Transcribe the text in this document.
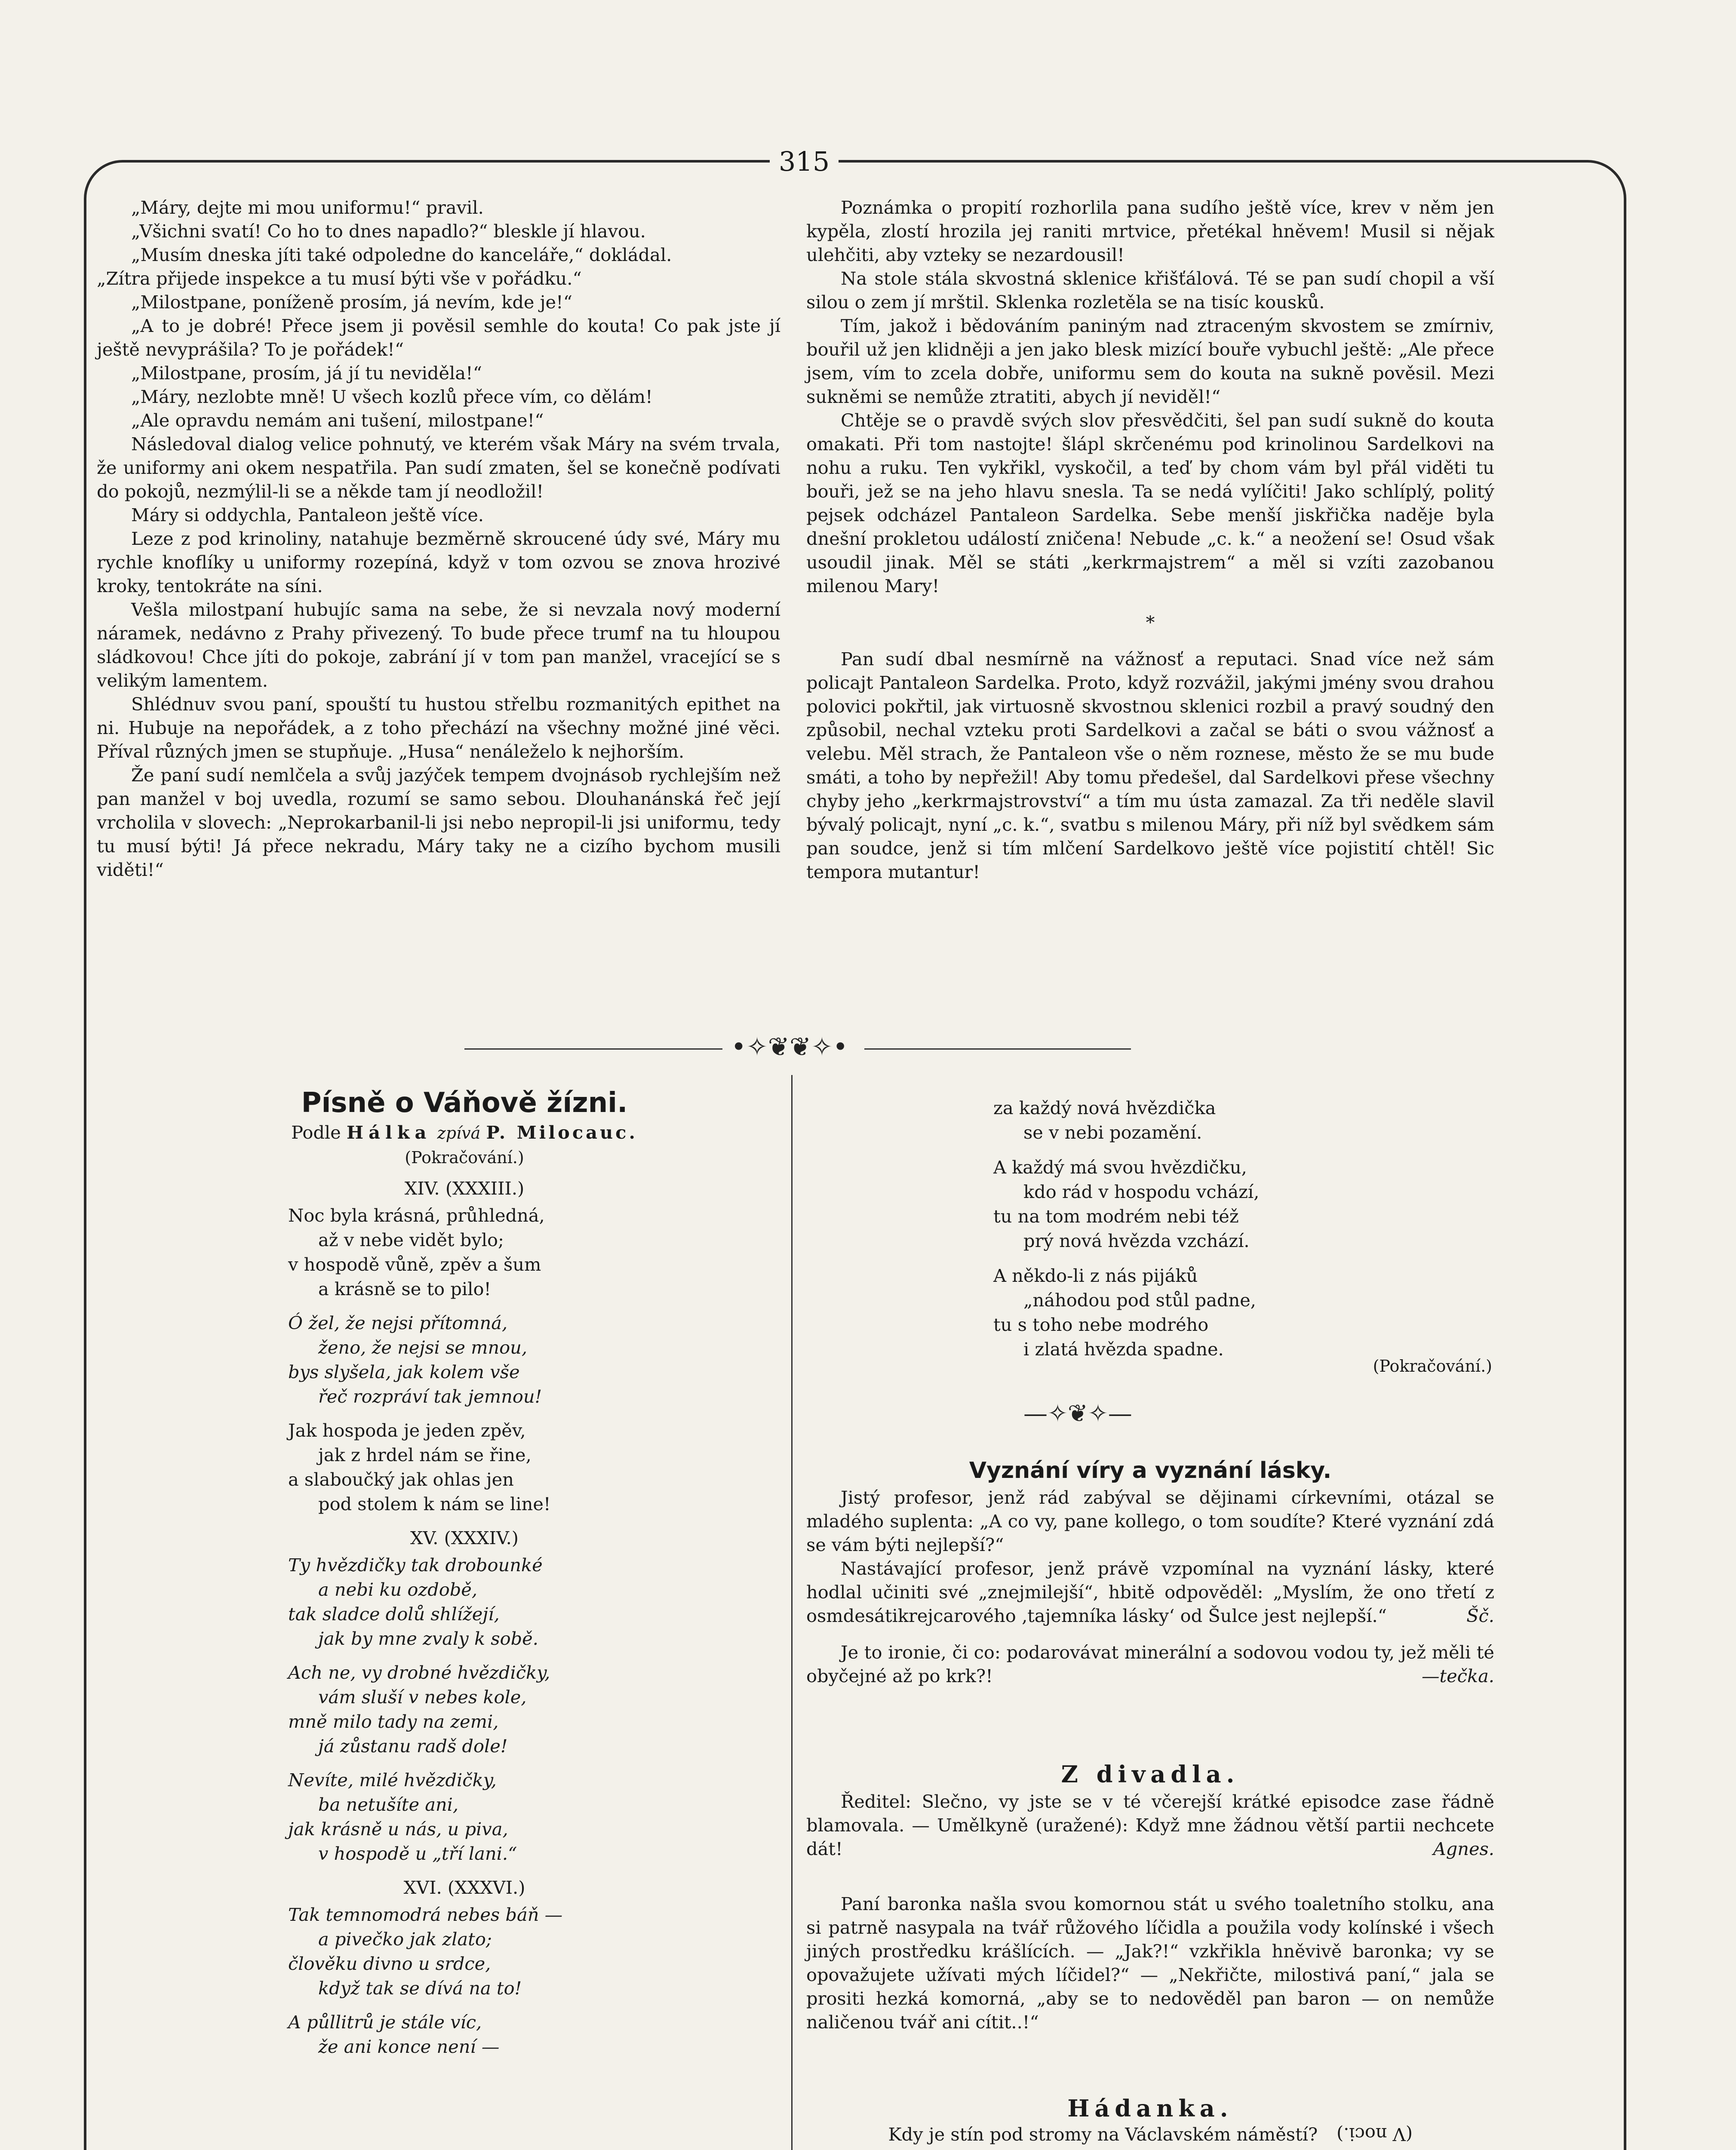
315

„Máry, dejte mi mou uniformu!“ pravil.

„Všichni svatí! Co ho to dnes napadlo?“ bleskle jí hlavou.

„Musím dneska jíti také odpoledne do kanceláře,“ dokládal.

„Zítra přijede inspekce a tu musí býti vše v pořádku.“

„Milostpane, poníženě prosím, já nevím, kde je!“

„A to je dobré! Přece jsem ji pověsil semhle do kouta! Co pak jste jí ještě nevyprášila? To je pořádek!“

„Milostpane, prosím, já jí tu neviděla!“

„Máry, nezlobte mně! U všech kozlů přece vím, co dělám!

„Ale opravdu nemám ani tušení, milostpane!“

Následoval dialog velice pohnutý, ve kterém však Máry na svém trvala, že uniformy ani okem nespatřila. Pan sudí zmaten, šel se konečně podívati do pokojů, nezmýlil-li se a někde tam jí neodložil!

Máry si oddychla, Pantaleon ještě více.

Leze z pod krinoliny, natahuje bezměrně skroucené údy své, Máry mu rychle knoflíky u uniformy rozepíná, když v tom ozvou se znova hrozivé kroky, tentokráte na síni.

Vešla milostpaní hubujíc sama na sebe, že si nevzala nový moderní náramek, nedávno z Prahy přivezený. To bude přece trumf na tu hloupou sládkovou! Chce jíti do pokoje, zabrání jí v tom pan manžel, vracející se s velikým lamentem.

Shlédnuv svou paní, spouští tu hustou střelbu rozmanitých epithet na ni. Hubuje na nepořádek, a z toho přechází na všechny možné jiné věci. Příval různých jmen se stupňuje. „Husa“ nenáleželo k nejhorším.

Že paní sudí nemlčela a svůj jazýček tempem dvojnásob rychlejším než pan manžel v boj uvedla, rozumí se samo sebou. Dlouhanánská řeč její vrcholila v slovech: „Neprokarbanil-li jsi nebo nepropil-li jsi uniformu, tedy tu musí býti! Já přece nekradu, Máry taky ne a cizího bychom musili viděti!“

Poznámka o propití rozhorlila pana sudího ještě více, krev v něm jen kypěla, zlostí hrozila jej raniti mrtvice, přetékal hněvem! Musil si nějak ulehčiti, aby vzteky se nezardousil!

Na stole stála skvostná sklenice křišťálová. Té se pan sudí chopil a vší silou o zem jí mrštil. Sklenka rozletěla se na tisíc kousků.

Tím, jakož i bědováním paniným nad ztraceným skvostem se zmírniv, bouřil už jen klidněji a jen jako blesk mizící bouře vybuchl ještě: „Ale přece jsem, vím to zcela dobře, uniformu sem do kouta na sukně pověsil. Mezi sukněmi se nemůže ztratiti, abych jí neviděl!“

Chtěje se o pravdě svých slov přesvědčiti, šel pan sudí sukně do kouta omakati. Při tom nastojte! šlápl skrčenému pod krinolinou Sardelkovi na nohu a ruku. Ten vykřikl, vyskočil, a teď by chom vám byl přál viděti tu bouři, jež se na jeho hlavu snesla. Ta se nedá vylíčiti! Jako schlíplý, politý pejsek odcházel Pantaleon Sardelka. Sebe menší jiskřička naděje byla dnešní prokletou událostí zničena! Nebude „c. k.“ a neožení se! Osud však usoudil jinak. Měl se státi „kerkrmajstrem“ a měl si vzíti zazobanou milenou Mary!

*

Pan sudí dbal nesmírně na vážnosť a reputaci. Snad více než sám policajt Pantaleon Sardelka. Proto, když rozvážil, jakými jmény svou drahou polovici pokřtil, jak virtuosně skvostnou sklenici rozbil a pravý soudný den způsobil, nechal vzteku proti Sardelkovi a začal se báti o svou vážnosť a velebu. Měl strach, že Pantaleon vše o něm roznese, město že se mu bude smáti, a toho by nepřežil! Aby tomu předešel, dal Sardelkovi přese všechny chyby jeho „kerkrmajstrovství“ a tím mu ústa zamazal. Za tři neděle slavil bývalý policajt, nyní „c. k.“, svatbu s milenou Máry, při níž byl svědkem sám pan soudce, jenž si tím mlčení Sardelkovo ještě více pojistití chtěl! Sic tempora mutantur!

•✧❦❦✧•
Písně o Váňově žízni.
Podle Hálka zpívá P. Milocauc.
(Pokračování.)
XIV. (XXXIII.)
Noc byla krásná, průhledná,
až v nebe vidět bylo;
v hospodě vůně, zpěv a šum
a krásně se to pilo!
Ó žel, že nejsi přítomná,
ženo, že nejsi se mnou,
bys slyšela, jak kolem vše
řeč rozpráví tak jemnou!
Jak hospoda je jeden zpěv,
jak z hrdel nám se řine,
a slaboučký jak ohlas jen
pod stolem k nám se line!
XV. (XXXIV.)
Ty hvězdičky tak drobounké
a nebi ku ozdobě,
tak sladce dolů shlížejí,
jak by mne zvaly k sobě.
Ach ne, vy drobné hvězdičky,
vám sluší v nebes kole,
mně milo tady na zemi,
já zůstanu radš dole!
Nevíte, milé hvězdičky,
ba netušíte ani,
jak krásně u nás, u piva,
v hospodě u „tří lani.“
XVI. (XXXVI.)
Tak temnomodrá nebes báň —
a pivečko jak zlato;
člověku divno u srdce,
když tak se dívá na to!
A půllitrů je stále víc,
že ani konce není —
za každý nová hvězdička
se v nebi pozamění.
A každý má svou hvězdičku,
kdo rád v hospodu vchází,
tu na tom modrém nebi též
prý nová hvězda vzchází.
A někdo-li z nás pijáků
„náhodou pod stůl padne,
tu s toho nebe modrého
i zlatá hvězda spadne.
(Pokračování.)
—✧❦✧—
Vyznání víry a vyznání lásky.

Jistý profesor, jenž rád zabýval se dějinami církevními, otázal se mladého suplenta: „A co vy, pane kollego, o tom soudíte? Které vyznání zdá se vám býti nejlepší?“

Nastávající profesor, jenž právě vzpomínal na vyznání lásky, které hodlal učiniti své „znejmilejší“, hbitě odpověděl: „Myslím, že ono třetí z osmdesátikrejcarového ‚tajemníka lásky‘ od Šulce jest nejlepší.“	Šč.

Je to ironie, či co: podarovávat minerální a sodovou vodou ty, jež měli té obyčejné až po krk?!	—tečka.

Z divadla.

Ředitel: Slečno, vy jste se v té včerejší krátké episodce zase řádně blamovala. — Umělkyně (uražené): Když mne žádnou větší partii nechcete dát!	Agnes.

Paní baronka našla svou komornou stát u svého toaletního stolku, ana si patrně nasypala na tvář růžového líčidla a použila vody kolínské i všech jiných prostředku krášlících. — „Jak?!“ vzkřikla hněvivě baronka; vy se opovažujete užívati mých líčidel?“ — „Nekřičte, milostivá paní,“ jala se prositi hezká komorná, „aby se to nedověděl pan baron — on nemůže naličenou tvář ani cítit..!“

Hádanka.
Kdy je stín pod stromy na Václavském náměstí? (V noci.)
